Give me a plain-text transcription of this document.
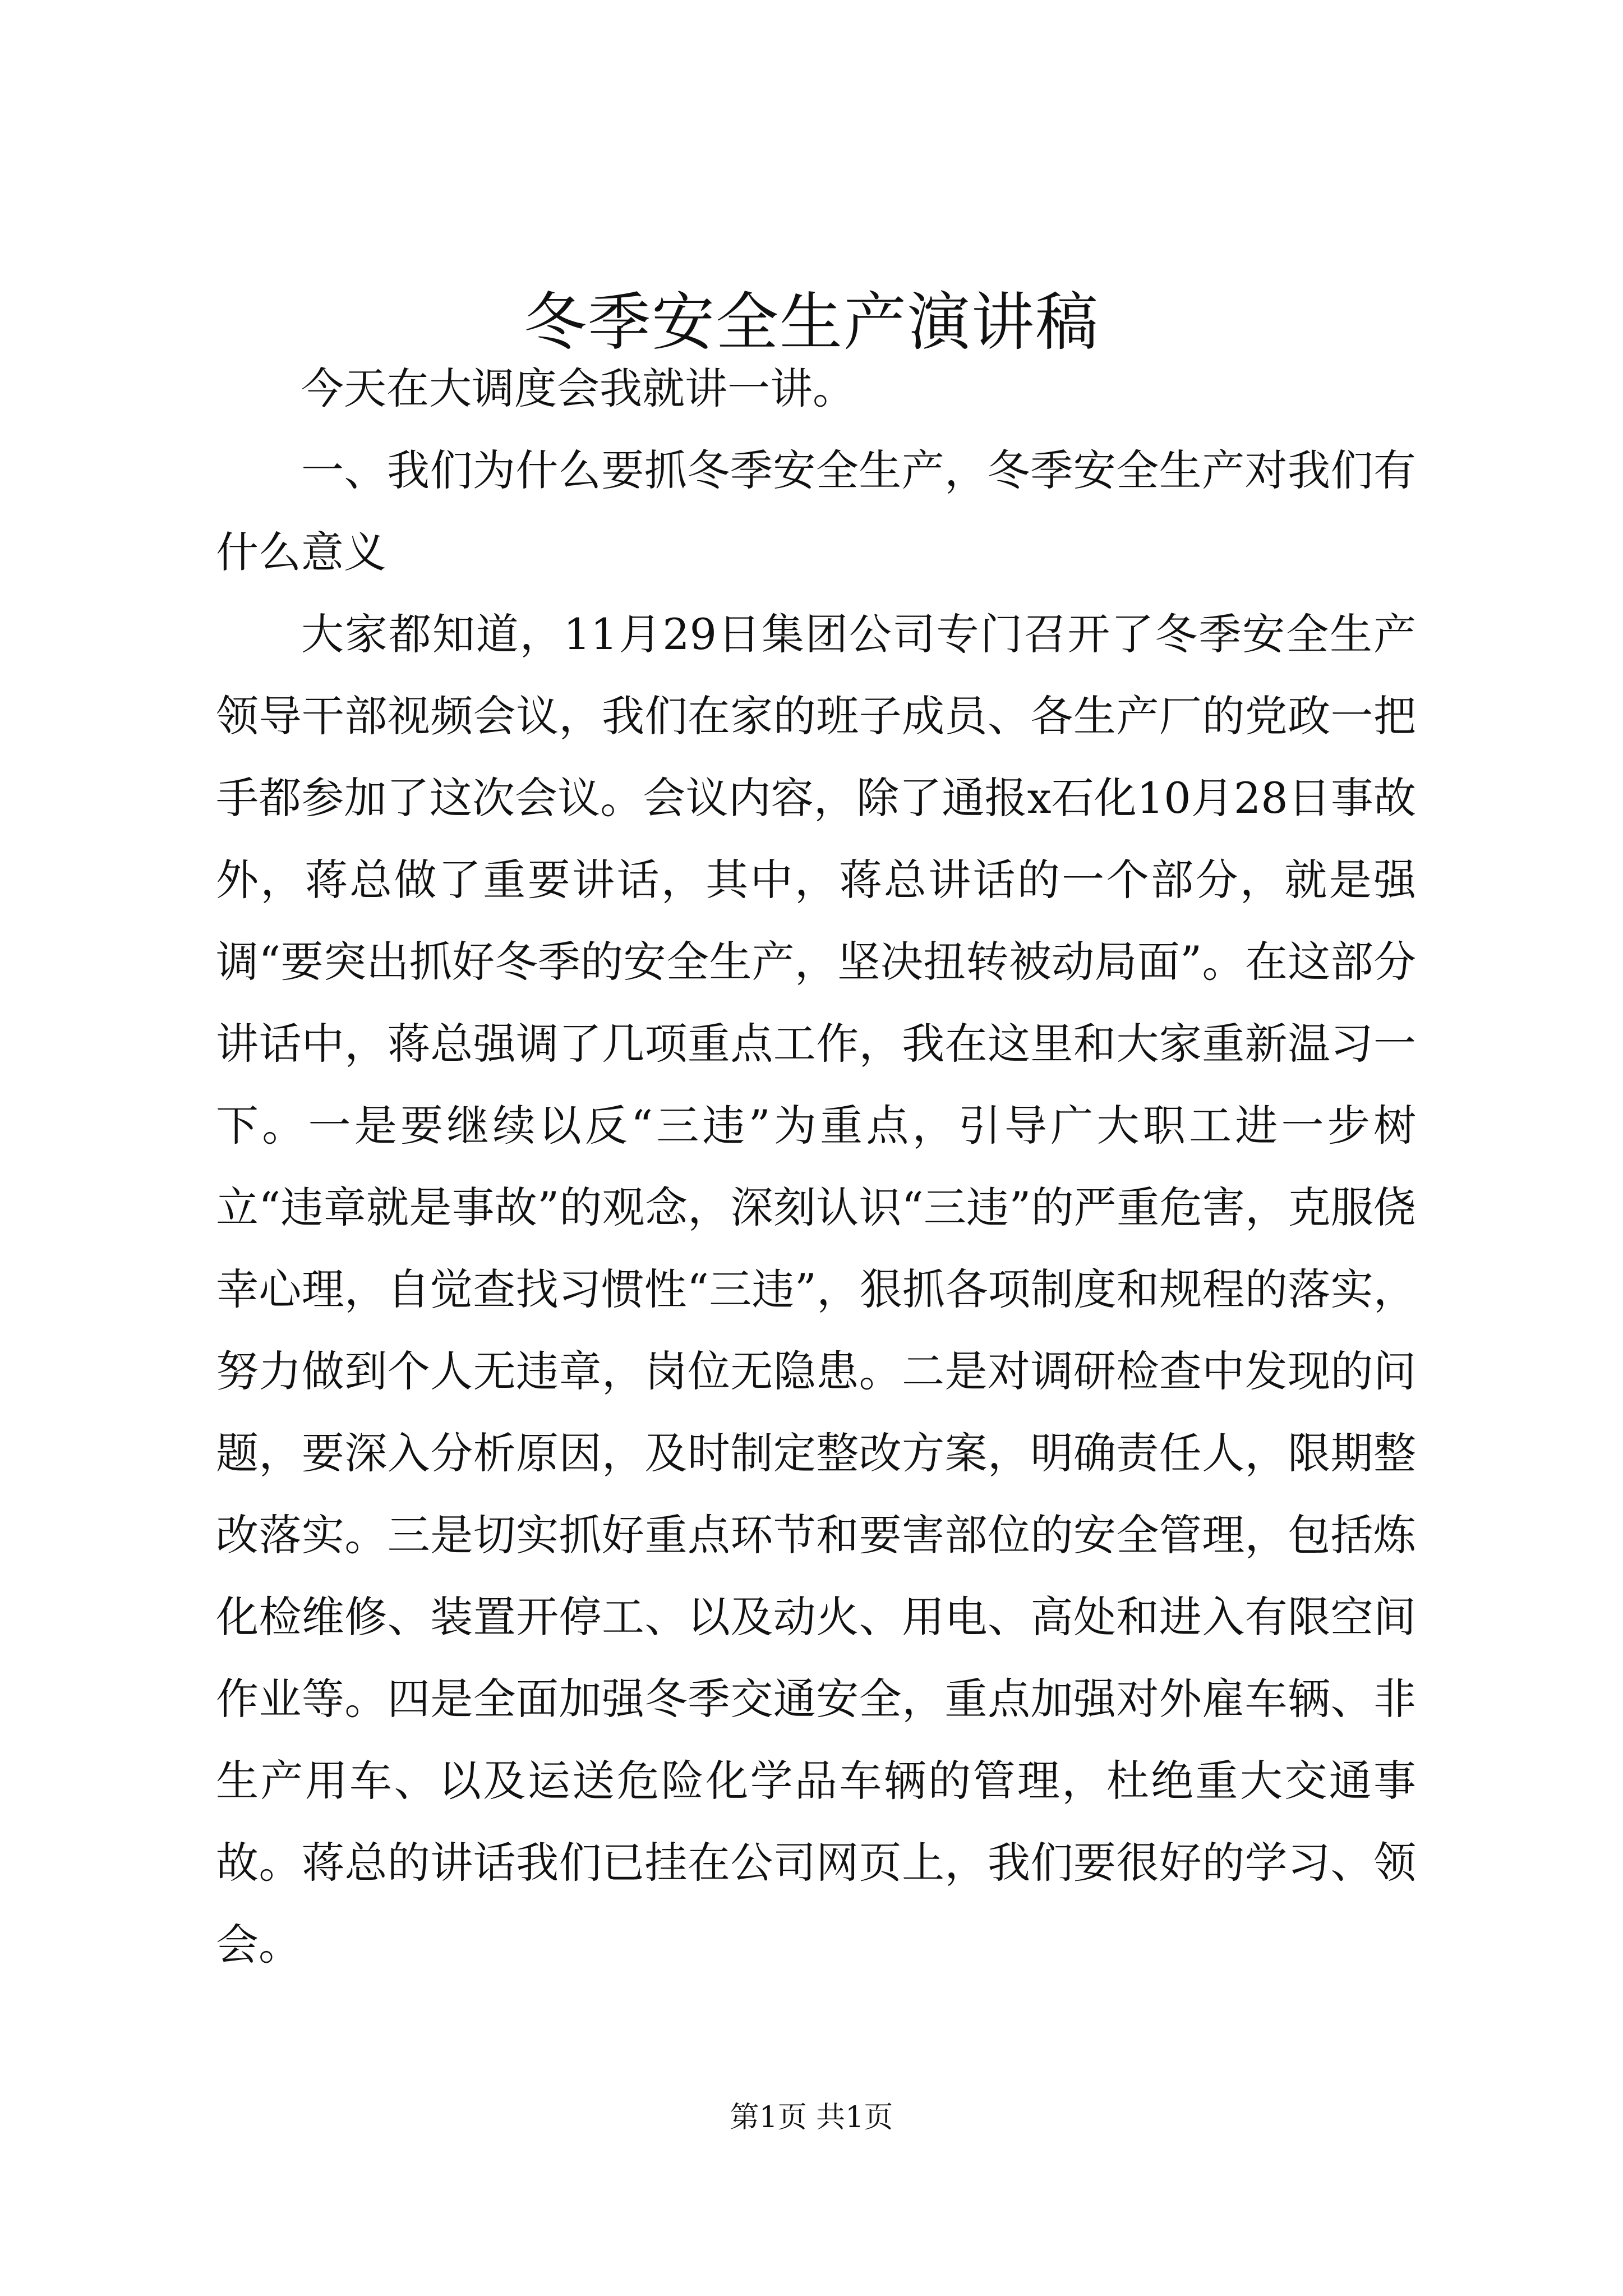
冬季安全生产演讲稿

今天在大调度会我就讲一讲。

一、我们为什么要抓冬季安全生产，冬季安全生产对我们有什么意义

大家都知道，11月29日集团公司专门召开了冬季安全生产领导干部视频会议，我们在家的班子成员、各生产厂的党政一把手都参加了这次会议。会议内容，除了通报x石化10月28日事故外，蒋总做了重要讲话，其中，蒋总讲话的一个部分，就是强调“要突出抓好冬季的安全生产，坚决扭转被动局面”。在这部分讲话中，蒋总强调了几项重点工作，我在这里和大家重新温习一下。一是要继续以反“三违”为重点，引导广大职工进一步树立“违章就是事故”的观念，深刻认识“三违”的严重危害，克服侥幸心理，自觉查找习惯性“三违”，狠抓各项制度和规程的落实，努力做到个人无违章，岗位无隐患。二是对调研检查中发现的问题，要深入分析原因，及时制定整改方案，明确责任人，限期整改落实。三是切实抓好重点环节和要害部位的安全管理，包括炼化检维修、装置开停工、以及动火、用电、高处和进入有限空间作业等。四是全面加强冬季交通安全，重点加强对外雇车辆、非生产用车、以及运送危险化学品车辆的管理，杜绝重大交通事故。蒋总的讲话我们已挂在公司网页上，我们要很好的学习、领会。

第1页 共1页
